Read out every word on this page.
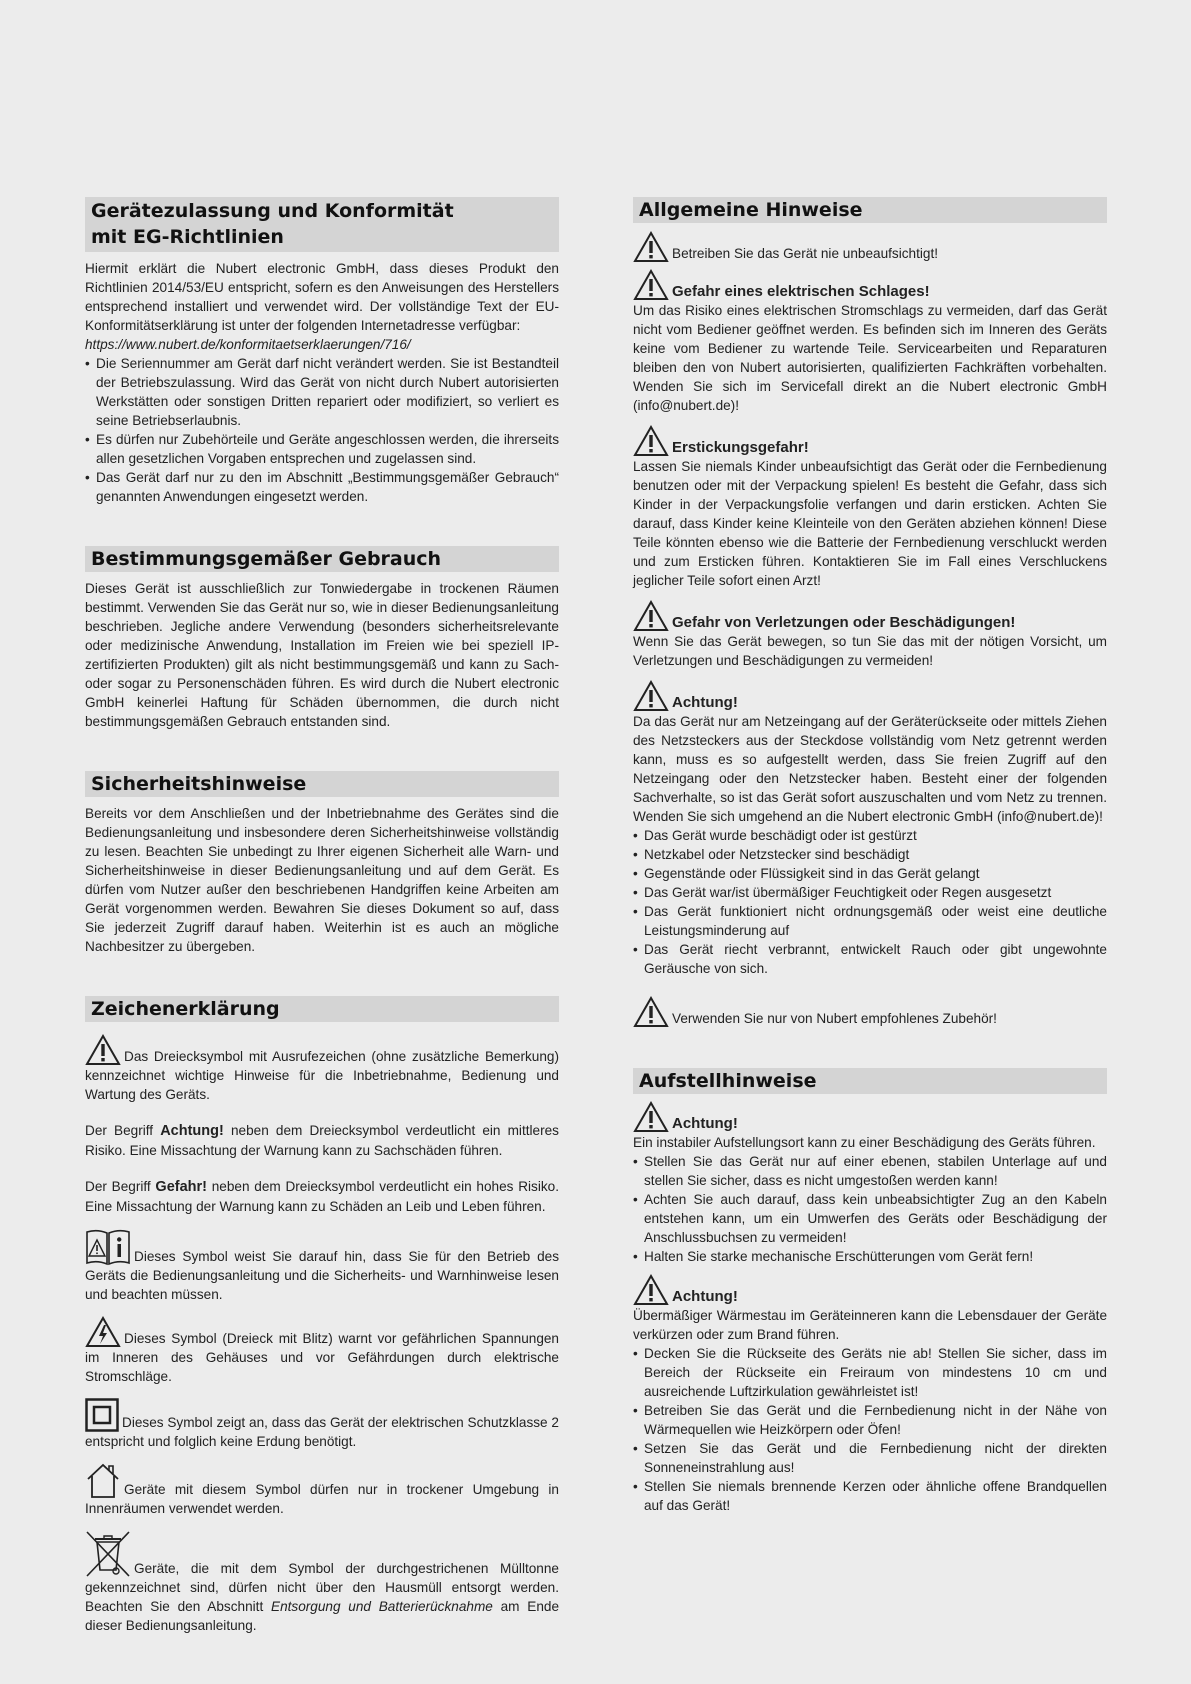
Gerätezulassung und Konformität
mit EG-Richtlinien

Hiermit erklärt die Nubert electronic GmbH, dass dieses Produkt den Richtlinien 2014/53/EU entspricht, sofern es den Anweisungen des Herstellers entsprechend installiert und verwendet wird. Der vollständige Text der EU-Konformitätserklärung ist unter der folgenden Internetadresse verfügbar:

https://www.nubert.de/konformitaetserklaerungen/716/

• Die Seriennummer am Gerät darf nicht verändert werden. Sie ist Bestandteil der Betriebszulassung. Wird das Gerät von nicht durch Nubert autorisierten Werkstätten oder sonstigen Dritten repariert oder modifiziert, so verliert es seine Betriebserlaubnis.
• Es dürfen nur Zubehörteile und Geräte angeschlossen werden, die ihrerseits allen gesetzlichen Vorgaben entsprechen und zugelassen sind.
• Das Gerät darf nur zu den im Abschnitt „Bestimmungsgemäßer Gebrauch“ genannten Anwendungen eingesetzt werden.
Bestimmungsgemäßer Gebrauch

Dieses Gerät ist ausschließlich zur Tonwiedergabe in trockenen Räumen bestimmt. Verwenden Sie das Gerät nur so, wie in dieser Bedienungsanleitung beschrieben. Jegliche andere Verwendung (besonders sicherheitsrelevante oder medizinische Anwendung, Installation im Freien wie bei speziell IP-zertifizierten Produkten) gilt als nicht bestimmungsgemäß und kann zu Sach- oder sogar zu Personenschäden führen. Es wird durch die Nubert electronic GmbH keinerlei Haftung für Schäden übernommen, die durch nicht bestimmungsgemäßen Gebrauch entstanden sind.

Sicherheitshinweise

Bereits vor dem Anschließen und der Inbetriebnahme des Gerätes sind die Bedienungsanleitung und insbesondere deren Sicherheitshinweise vollständig zu lesen. Beachten Sie unbedingt zu Ihrer eigenen Sicherheit alle Warn- und Sicherheitshinweise in dieser Bedienungsanleitung und auf dem Gerät. Es dürfen vom Nutzer außer den beschriebenen Handgriffen keine Arbeiten am Gerät vorgenommen werden. Bewahren Sie dieses Dokument so auf, dass Sie jederzeit Zugriff darauf haben. Weiterhin ist es auch an mögliche Nachbesitzer zu übergeben.

Zeichenerklärung

Das Dreiecksymbol mit Ausrufezeichen (ohne zusätzliche Bemerkung) kennzeichnet wichtige Hinweise für die Inbetriebnahme, Bedienung und Wartung des Geräts.

Der Begriff Achtung! neben dem Dreiecksymbol verdeutlicht ein mittleres Risiko. Eine Missachtung der Warnung kann zu Sachschäden führen.

Der Begriff Gefahr! neben dem Dreiecksymbol verdeutlicht ein hohes Risiko. Eine Missachtung der Warnung kann zu Schäden an Leib und Leben führen.

Dieses Symbol weist Sie darauf hin, dass Sie für den Betrieb des Geräts die Bedienungsanleitung und die Sicherheits- und Warnhinweise lesen und beachten müssen.

Dieses Symbol (Dreieck mit Blitz) warnt vor gefährlichen Spannungen im Inneren des Gehäuses und vor Gefährdungen durch elektrische Stromschläge.

Dieses Symbol zeigt an, dass das Gerät der elektrischen Schutzklasse 2 entspricht und folglich keine Erdung benötigt.

Geräte mit diesem Symbol dürfen nur in trockener Umgebung in Innenräumen verwendet werden.

Geräte, die mit dem Symbol der durchgestrichenen Mülltonne gekennzeichnet sind, dürfen nicht über den Hausmüll entsorgt werden. Beachten Sie den Abschnitt Entsorgung und Batterierücknahme am Ende dieser Bedienungsanleitung.

Allgemeine Hinweise

Betreiben Sie das Gerät nie unbeaufsichtigt!

Gefahr eines elektrischen Schlages!

Um das Risiko eines elektrischen Stromschlags zu vermeiden, darf das Gerät nicht vom Bediener geöffnet werden. Es befinden sich im Inneren des Geräts keine vom Bediener zu wartende Teile. Servicearbeiten und Reparaturen bleiben den von Nubert autorisierten, qualifizierten Fachkräften vorbehalten. Wenden Sie sich im Servicefall direkt an die Nubert electronic GmbH (info@nubert.de)!

Erstickungsgefahr!

Lassen Sie niemals Kinder unbeaufsichtigt das Gerät oder die Fernbedienung benutzen oder mit der Verpackung spielen! Es besteht die Gefahr, dass sich Kinder in der Verpackungsfolie verfangen und darin ersticken. Achten Sie darauf, dass Kinder keine Kleinteile von den Geräten abziehen können! Diese Teile könnten ebenso wie die Batterie der Fernbedienung verschluckt werden und zum Ersticken führen. Kontaktieren Sie im Fall eines Verschluckens jeglicher Teile sofort einen Arzt!

Gefahr von Verletzungen oder Beschädigungen!

Wenn Sie das Gerät bewegen, so tun Sie das mit der nötigen Vorsicht, um Verletzungen und Beschädigungen zu vermeiden!

Achtung!

Da das Gerät nur am Netzeingang auf der Geräterückseite oder mittels Ziehen des Netzsteckers aus der Steckdose vollständig vom Netz getrennt werden kann, muss es so aufgestellt werden, dass Sie freien Zugriff auf den Netzeingang oder den Netzstecker haben. Besteht einer der folgenden Sachverhalte, so ist das Gerät sofort auszuschalten und vom Netz zu trennen. Wenden Sie sich umgehend an die Nubert electronic GmbH (info@nubert.de)!

• Das Gerät wurde beschädigt oder ist gestürzt
• Netzkabel oder Netzstecker sind beschädigt
• Gegenstände oder Flüssigkeit sind in das Gerät gelangt
• Das Gerät war/ist übermäßiger Feuchtigkeit oder Regen ausgesetzt
• Das Gerät funktioniert nicht ordnungsgemäß oder weist eine deutliche Leistungsminderung auf
• Das Gerät riecht verbrannt, entwickelt Rauch oder gibt ungewohnte Geräusche von sich.

Verwenden Sie nur von Nubert empfohlenes Zubehör!

Aufstellhinweise
Achtung!

Ein instabiler Aufstellungsort kann zu einer Beschädigung des Geräts führen.

• Stellen Sie das Gerät nur auf einer ebenen, stabilen Unterlage auf und stellen Sie sicher, dass es nicht umgestoßen werden kann!
• Achten Sie auch darauf, dass kein unbeabsichtigter Zug an den Kabeln entstehen kann, um ein Umwerfen des Geräts oder Beschädigung der Anschlussbuchsen zu vermeiden!
• Halten Sie starke mechanische Erschütterungen vom Gerät fern!
Achtung!

Übermäßiger Wärmestau im Geräteinneren kann die Lebensdauer der Geräte verkürzen oder zum Brand führen.

• Decken Sie die Rückseite des Geräts nie ab! Stellen Sie sicher, dass im Bereich der Rückseite ein Freiraum von mindestens 10 cm und ausreichende Luftzirkulation gewährleistet ist!
• Betreiben Sie das Gerät und die Fernbedienung nicht in der Nähe von Wärmequellen wie Heizkörpern oder Öfen!
• Setzen Sie das Gerät und die Fernbedienung nicht der direkten Sonneneinstrahlung aus!
• Stellen Sie niemals brennende Kerzen oder ähnliche offene Brandquellen auf das Gerät!
